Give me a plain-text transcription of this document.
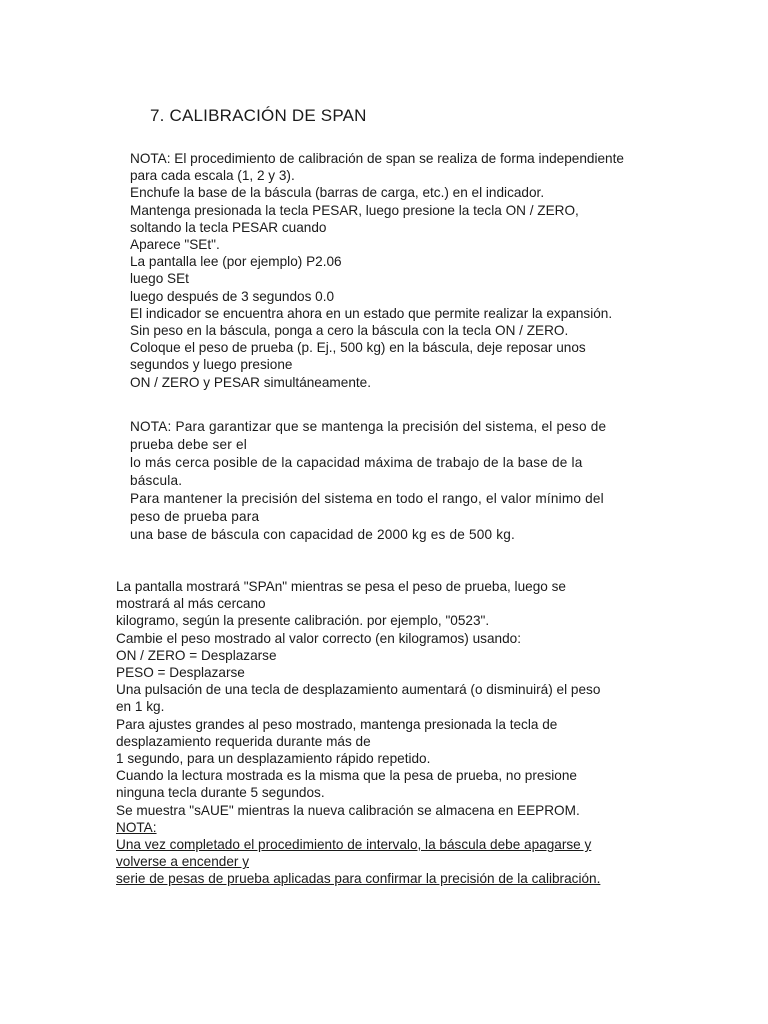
7. CALIBRACIÓN DE SPAN

NOTA: El procedimiento de calibración de span se realiza de forma independiente

para cada escala (1, 2 y 3).

Enchufe la base de la báscula (barras de carga, etc.) en el indicador.

Mantenga presionada la tecla PESAR, luego presione la tecla ON / ZERO,

soltando la tecla PESAR cuando

Aparece "SEt".

La pantalla lee (por ejemplo) P2.06

luego SEt

luego después de 3 segundos 0.0

El indicador se encuentra ahora en un estado que permite realizar la expansión.

Sin peso en la báscula, ponga a cero la báscula con la tecla ON / ZERO.

Coloque el peso de prueba (p. Ej., 500 kg) en la báscula, deje reposar unos

segundos y luego presione

ON / ZERO y PESAR simultáneamente.

NOTA: Para garantizar que se mantenga la precisión del sistema, el peso de

prueba debe ser el

lo más cerca posible de la capacidad máxima de trabajo de la base de la

báscula.

Para mantener la precisión del sistema en todo el rango, el valor mínimo del

peso de prueba para

una base de báscula con capacidad de 2000 kg es de 500 kg.

La pantalla mostrará "SPAn" mientras se pesa el peso de prueba, luego se

mostrará al más cercano

kilogramo, según la presente calibración. por ejemplo, "0523".

Cambie el peso mostrado al valor correcto (en kilogramos) usando:

ON / ZERO = Desplazarse

PESO = Desplazarse

Una pulsación de una tecla de desplazamiento aumentará (o disminuirá) el peso

en 1 kg.

Para ajustes grandes al peso mostrado, mantenga presionada la tecla de

desplazamiento requerida durante más de

1 segundo, para un desplazamiento rápido repetido.

Cuando la lectura mostrada es la misma que la pesa de prueba, no presione

ninguna tecla durante 5 segundos.

Se muestra "sAUE" mientras la nueva calibración se almacena en EEPROM.

NOTA:

Una vez completado el procedimiento de intervalo, la báscula debe apagarse y

volverse a encender y

serie de pesas de prueba aplicadas para confirmar la precisión de la calibración.
